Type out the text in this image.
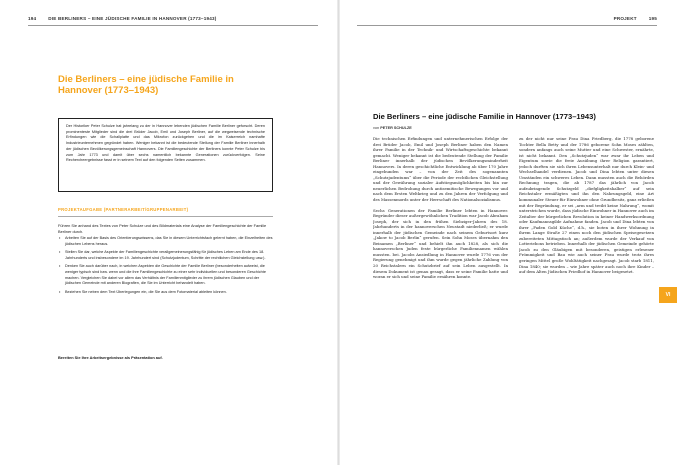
194	DIE BERLINERS – EINE JÜDISCHE FAMILIE IN HANNOVER (1773–1943)
Die Berliners – eine jüdische Familie in Hannover (1773–1943)
Der Historiker Peter Schulze hat jahrelang zu der in Hannover lebenden jüdischen Familie Berliner geforscht. Deren prominenteste Mitglieder sind die drei Brüder Jacob, Emil und Joseph Berliner, auf die wegweisende technische Erfindungen wie die Schallplatte und das Mikrofon zurückgehen und die im Kaiserreich namhafte Industrieunternehmen gegründet haben. Weniger bekannt ist die bedeutende Stellung der Familie Berliner innerhalb der jüdischen Bevölkerungsgemeinschaft Hannovers. Die Familiengeschichte der Berliners konnte Peter Schulze bis zum Jahr 1773 und damit über sechs namentlich bekannte Generationen zurückverfolgen. Seine Rechercheergebnisse fasst er in seinem Text auf den folgenden Seiten zusammen.
PROJEKTAUFGABE (PARTNERARBEIT/GRUPPENARBEIT)
Führen Sie anhand des Textes von Peter Schulze und des Bildmaterials eine Analyse der Familiengeschichte der Familie Berliner durch.
• Arbeiten Sie auf der Basis des Orientierungswissens, das Sie in diesem Unterrichtsfach gelernt haben, die Einzelheiten des jüdischen Lebens heraus.
• Stellen Sie dar, welche Aspekte der Familiengeschichte verallgemeinerungsfähig für jüdisches Leben am Ende des 18. Jahrhunderts und insbesondere im 19. Jahrhundert sind (Schutzjudentum, Schritte der rechtlichen Gleichstellung usw.).
• Denken Sie auch darüber nach, in welchen Aspekten die Geschichte der Familie Berliner (besonderheiten aufweist, die weniger typisch sind bzw. wenn und die ihre Familiengeschichte zu einer sehr individuellen und besonderen Geschichte machen. Vergleichen Sie dabei vor allem das Verhältnis der Familienmitglieder zu ihrem jüdischen Glauben und der jüdischen Gemeinde mit anderen Biografien, die Sie im Unterricht behandelt haben.
• Beziehen Sie neben dem Text Überlegungen ein, die Sie aus dem Fotomaterial ableiten können.
Bereiten Sie Ihre Arbeitsergebnisse als Präsentation auf.
PROJEKT	195
Die Berliners – eine jüdische Familie in Hannover (1773–1943)
von PETER SCHULZE

Die technischen Erfindungen und unternehmerischen Erfolge der drei Brüder Jacob, Emil und Joseph Berliner haben den Namen ihrer Familie in der Technik- und Wirtschaftsgeschichte bekannt gemacht. Weniger bekannt ist die bedeutende Stellung der Familie Berliner innerhalb der jüdischen Bevölkerungsminderheit Hannovers. In deren geschichtliche Entwicklung ab über 170 Jahre eingebunden war – von der Zeit des sogenannten „Schutzjudentums“ über die Periode der rechtlichen Gleichstellung und der Gewährung sozialer Aufstiegsmöglichkeiten bis hin zur neuerlichen Bedrohung durch antisemitische Bewegungen vor und nach dem Ersten Weltkrieg und zu den Jahren der Verfolgung und des Massenmords unter der Herrschaft des Nationalsozialismus.

Sechs Generationen der Familie Berliner lebten in Hannover. Begründer dieser außergewöhnlichen Tradition war Jacob Abraham Joseph, der sich in den frühen Siebziger-Jahren des 18. Jahrhunderts in der hannoverschen Neustadt niederließ; er wurde innerhalb der jüdischen Gemeinde nach seinem Geburtsort kurz „Jakow to Jacob Berlin“ gerufen. Sein Sohn Moses übernahm den Beinamen „Berliner“ und behielt ihn auch 1828, als sich die hannoverschen Juden feste bürgerliche Familiennamen wählen mussten. bei. Jacobs Ansiedlung in Hannover wurde 1776 von der Regierung genehmigt und ihm wurde gegen jährliche Zahlung von 20 Reichstalern ein Schutzbrief auf sein Leben ausgestellt. In diesem Dokument ist genau gesagt, dass er seine Familie hatte und woran er sich und seine Familie ernähren konnte.

zu der nicht nur seine Frau Dina Friedberg, die 1778 geborene Tochter Bella Betty und der 1786 geborene Sohn Moses zählten, sondern anfangs auch seine Mutter und eine Schwester, ernährte, ist nicht bekannt. Den „Schutzjuden“ war zwar ihr Leben und Eigentum sowie die freie Ausübung ihrer Religion garantiert, jedoch durften sie sich ihren Lebensunterhalt nur durch Klein- und Wechselhandel verdienen. Jacob und Dina lebten unter diesen Umständen ein schweres Leben. Dann mussten auch die Behörden Rechnung tragen, die ab 1787 das jährlich von Jacob aufzubringende Schutzgeld „diefgligkeitshalber“ auf sein Reichstaler ermäßigten und ihn den Nahrungsgeld, eine Art kommunaler Steuer für Einwohner ohne Grundbesitz, ganz erließen mit der Begründung, er sei „arm und treibt keine Nahrung“, womit unterstrichen wurde, dass jüdische Einwohner in Hannover auch im Zeitalter der bürgerlichen Revolution in keiner Handwerksordnung oder Kaufmannsgilde Aufnahme fanden. Jacob und Dina lebten von ihrer „Faden Gold Küche“, d.h., sie boten in ihrer Wohnung in ihrem Lange Straße 27 einen noch den jüdischen Speisegesetzen zubereiteten Mittagstisch an; außerdem wurde der Verkauf von Lotteriebons betrieben. Innerhalb der jüdischen Gemeinde gehörte Jacob zu den Gläubigen mit besonderen, geistigen erlesener Frömmigkeit und Bau wie auch seiner Frau wurde trotz ihres geringen Mittel große Wohltätigkeit nachgesagt. Jacob starb 1811, Dina 1840; sie wurden – wie Jahre später auch noch ihre Kinder – auf dem Alten Jüdischen Friedhof in Hannover beigesetzt.

VI
